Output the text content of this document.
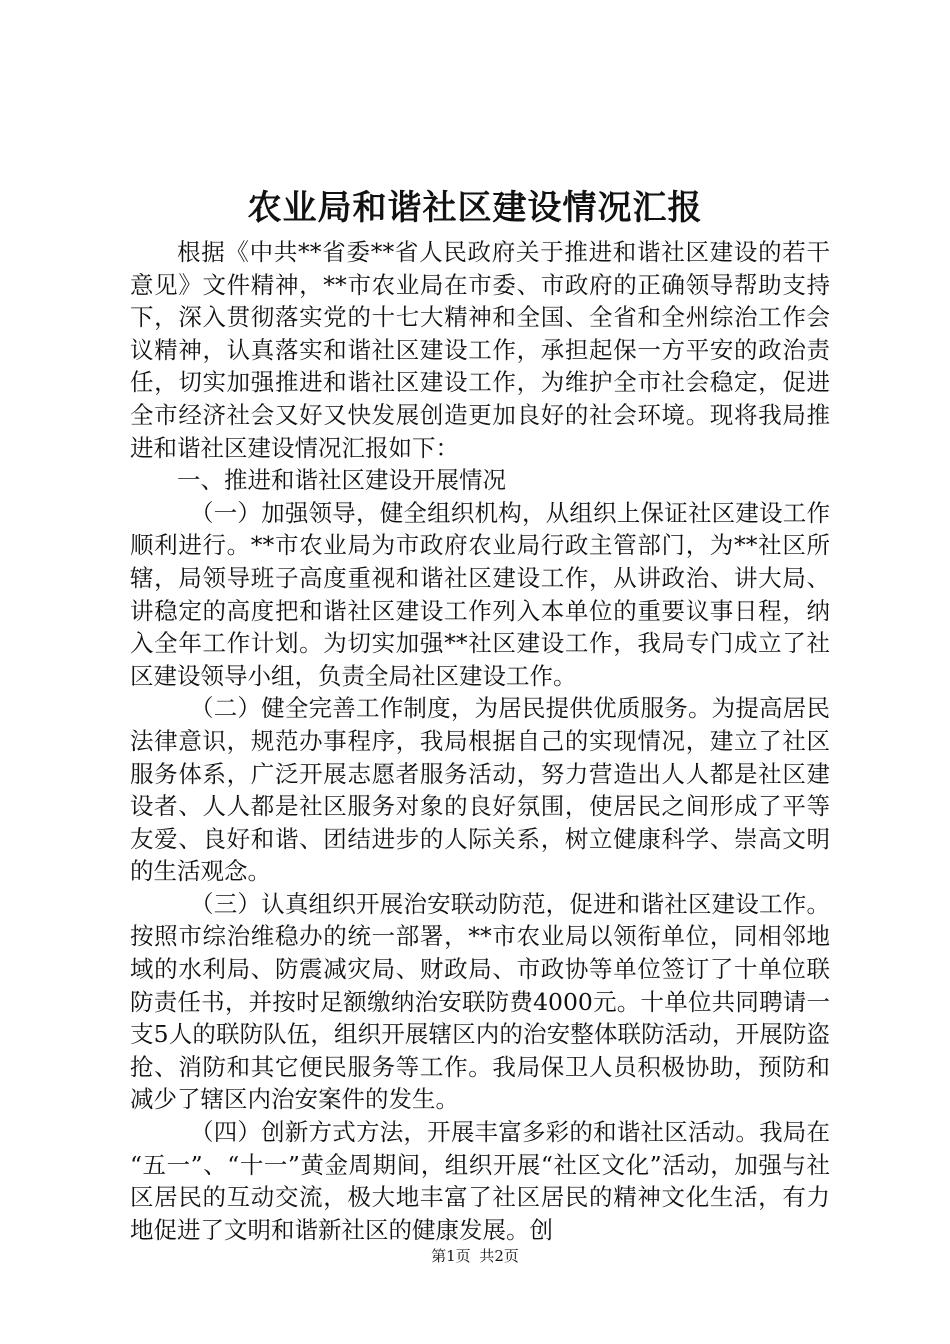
农业局和谐社区建设情况汇报

根据《中共**省委**省人民政府关于推进和谐社区建设的若干意见》文件精神，**市农业局在市委、市政府的正确领导帮助支持下，深入贯彻落实党的十七大精神和全国、全省和全州综治工作会议精神，认真落实和谐社区建设工作，承担起保一方平安的政治责任，切实加强推进和谐社区建设工作，为维护全市社会稳定，促进全市经济社会又好又快发展创造更加良好的社会环境。现将我局推进和谐社区建设情况汇报如下：

一、推进和谐社区建设开展情况

（一）加强领导，健全组织机构，从组织上保证社区建设工作顺利进行。**市农业局为市政府农业局行政主管部门，为**社区所辖，局领导班子高度重视和谐社区建设工作，从讲政治、讲大局、讲稳定的高度把和谐社区建设工作列入本单位的重要议事日程，纳入全年工作计划。为切实加强**社区建设工作，我局专门成立了社区建设领导小组，负责全局社区建设工作。

（二）健全完善工作制度，为居民提供优质服务。为提高居民法律意识，规范办事程序，我局根据自己的实现情况，建立了社区服务体系，广泛开展志愿者服务活动，努力营造出人人都是社区建设者、人人都是社区服务对象的良好氛围，使居民之间形成了平等友爱、良好和谐、团结进步的人际关系，树立健康科学、崇高文明的生活观念。

（三）认真组织开展治安联动防范，促进和谐社区建设工作。按照市综治维稳办的统一部署，**市农业局以领衔单位，同相邻地域的水利局、防震减灾局、财政局、市政协等单位签订了十单位联防责任书，并按时足额缴纳治安联防费4000元。十单位共同聘请一支5人的联防队伍，组织开展辖区内的治安整体联防活动，开展防盗抢、消防和其它便民服务等工作。我局保卫人员积极协助，预防和减少了辖区内治安案件的发生。

（四）创新方式方法，开展丰富多彩的和谐社区活动。我局在“五一”、“十一”黄金周期间，组织开展“社区文化”活动，加强与社区居民的互动交流，极大地丰富了社区居民的精神文化生活，有力地促进了文明和谐新社区的健康发展。创

第1页 共2页
